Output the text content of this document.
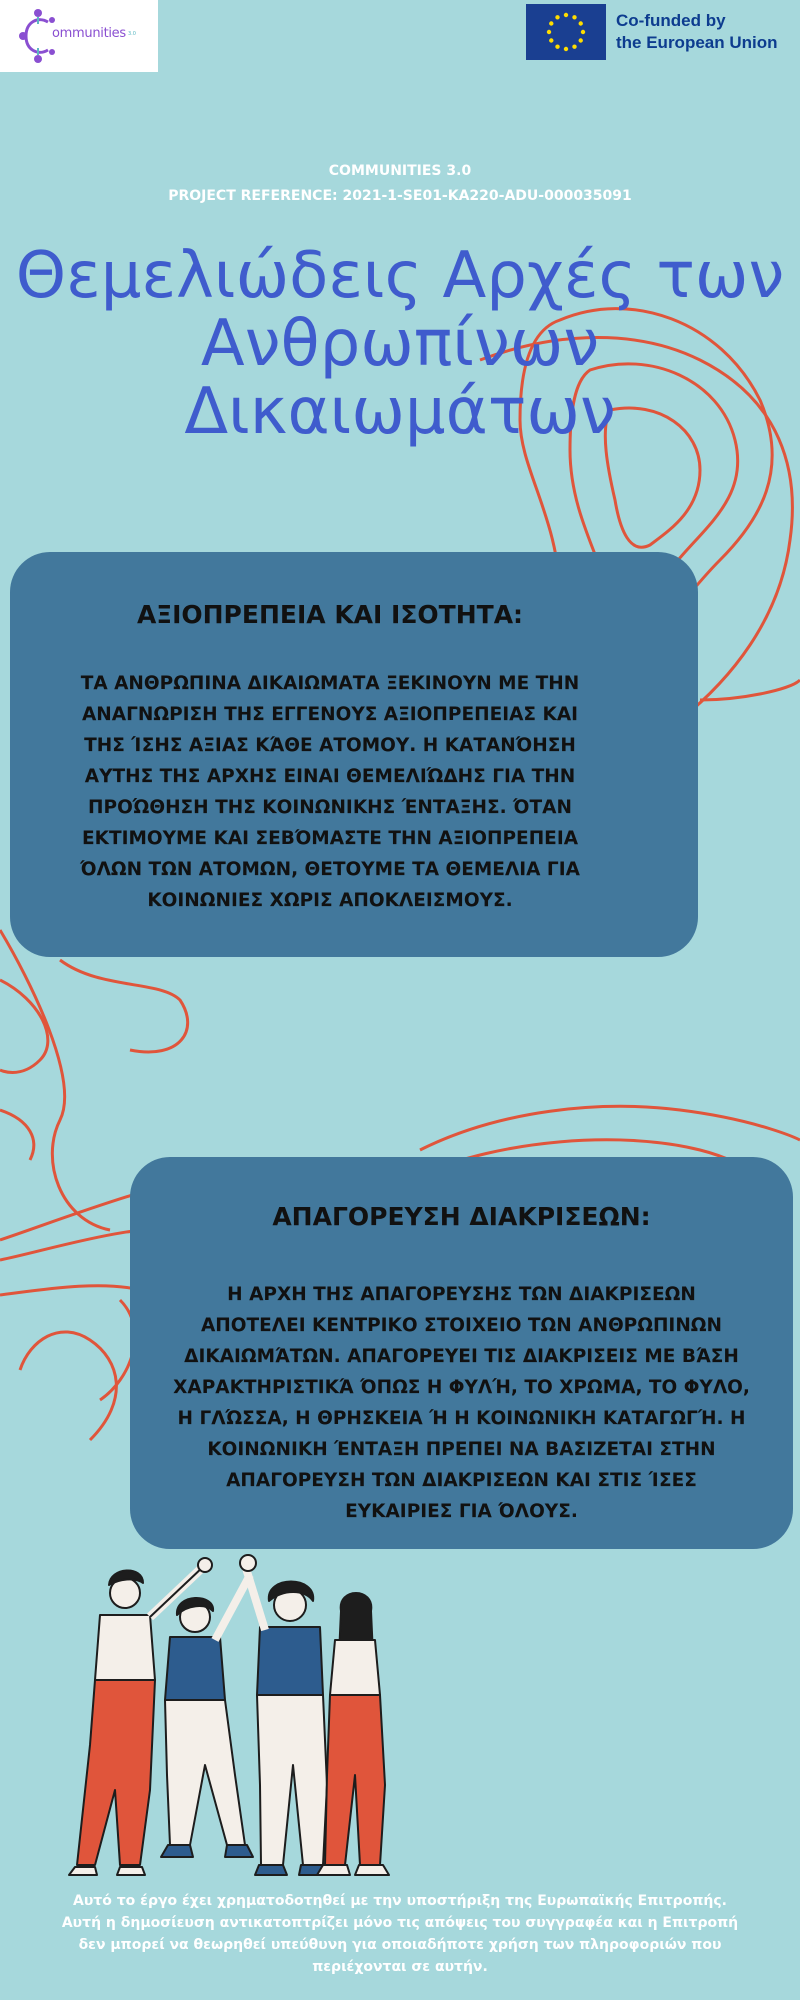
ommunities 3.0
Co-funded by
the European Union
COMMUNITIES 3.0
PROJECT REFERENCE: 2021-1-SE01-KA220-ADU-000035091
Θεμελιώδεις Αρχές των
Ανθρωπίνων
Δικαιωμάτων
ΑΞΙΟΠΡΕΠΕΙΑ ΚΑΙ ΙΣΟΤΗΤΑ:

ΤΑ ΑΝΘΡΩΠΙΝΑ ΔΙΚΑΙΩΜΑΤΑ ΞΕΚΙΝΟΥΝ ΜΕ ΤΗΝ

ΑΝΑΓΝΩΡΙΣΗ ΤΗΣ ΕΓΓΕΝΟΥΣ ΑΞΙΟΠΡΕΠΕΙΑΣ ΚΑΙ

ΤΗΣ ΊΣΗΣ ΑΞΙΑΣ ΚΆΘΕ ΑΤΟΜΟΥ. Η ΚΑΤΑΝΌΗΣΗ

ΑΥΤΗΣ ΤΗΣ ΑΡΧΗΣ ΕΙΝΑΙ ΘΕΜΕΛΙΏΔΗΣ ΓΙΑ ΤΗΝ

ΠΡΟΏΘΗΣΗ ΤΗΣ ΚΟΙΝΩΝΙΚΗΣ ΈΝΤΑΞΗΣ. ΌΤΑΝ

ΕΚΤΙΜΟΥΜΕ ΚΑΙ ΣΕΒΌΜΑΣΤΕ ΤΗΝ ΑΞΙΟΠΡΕΠΕΙΑ

ΌΛΩΝ ΤΩΝ ΑΤΟΜΩΝ, ΘΕΤΟΥΜΕ ΤΑ ΘΕΜΕΛΙΑ ΓΙΑ

ΚΟΙΝΩΝΙΕΣ ΧΩΡΙΣ ΑΠΟΚΛΕΙΣΜΟΥΣ.

ΑΠΑΓΟΡΕΥΣΗ ΔΙΑΚΡΙΣΕΩΝ:

Η ΑΡΧΗ ΤΗΣ ΑΠΑΓΟΡΕΥΣΗΣ ΤΩΝ ΔΙΑΚΡΙΣΕΩΝ

ΑΠΟΤΕΛΕΙ ΚΕΝΤΡΙΚΟ ΣΤΟΙΧΕΙΟ ΤΩΝ ΑΝΘΡΩΠΙΝΩΝ

ΔΙΚΑΙΩΜΆΤΩΝ. ΑΠΑΓΟΡΕΥΕΙ ΤΙΣ ΔΙΑΚΡΙΣΕΙΣ ΜΕ ΒΆΣΗ

ΧΑΡΑΚΤΗΡΙΣΤΙΚΆ ΌΠΩΣ Η ΦΥΛΉ, ΤΟ ΧΡΩΜΑ, ΤΟ ΦΥΛΟ,

Η ΓΛΏΣΣΑ, Η ΘΡΗΣΚΕΙΑ Ή Η ΚΟΙΝΩΝΙΚΗ ΚΑΤΑΓΩΓΉ. Η

ΚΟΙΝΩΝΙΚΗ ΈΝΤΑΞΗ ΠΡΕΠΕΙ ΝΑ ΒΑΣΙΖΕΤΑΙ ΣΤΗΝ

ΑΠΑΓΟΡΕΥΣΗ ΤΩΝ ΔΙΑΚΡΙΣΕΩΝ ΚΑΙ ΣΤΙΣ ΊΣΕΣ

ΕΥΚΑΙΡΙΕΣ ΓΙΑ ΌΛΟΥΣ.

Αυτό το έργο έχει χρηματοδοτηθεί με την υποστήριξη της Ευρωπαϊκής Επιτροπής. Αυτή η δημοσίευση αντικατοπτρίζει μόνο τις απόψεις του συγγραφέα και η Επιτροπή δεν μπορεί να θεωρηθεί υπεύθυνη για οποιαδήποτε χρήση των πληροφοριών που περιέχονται σε αυτήν.
